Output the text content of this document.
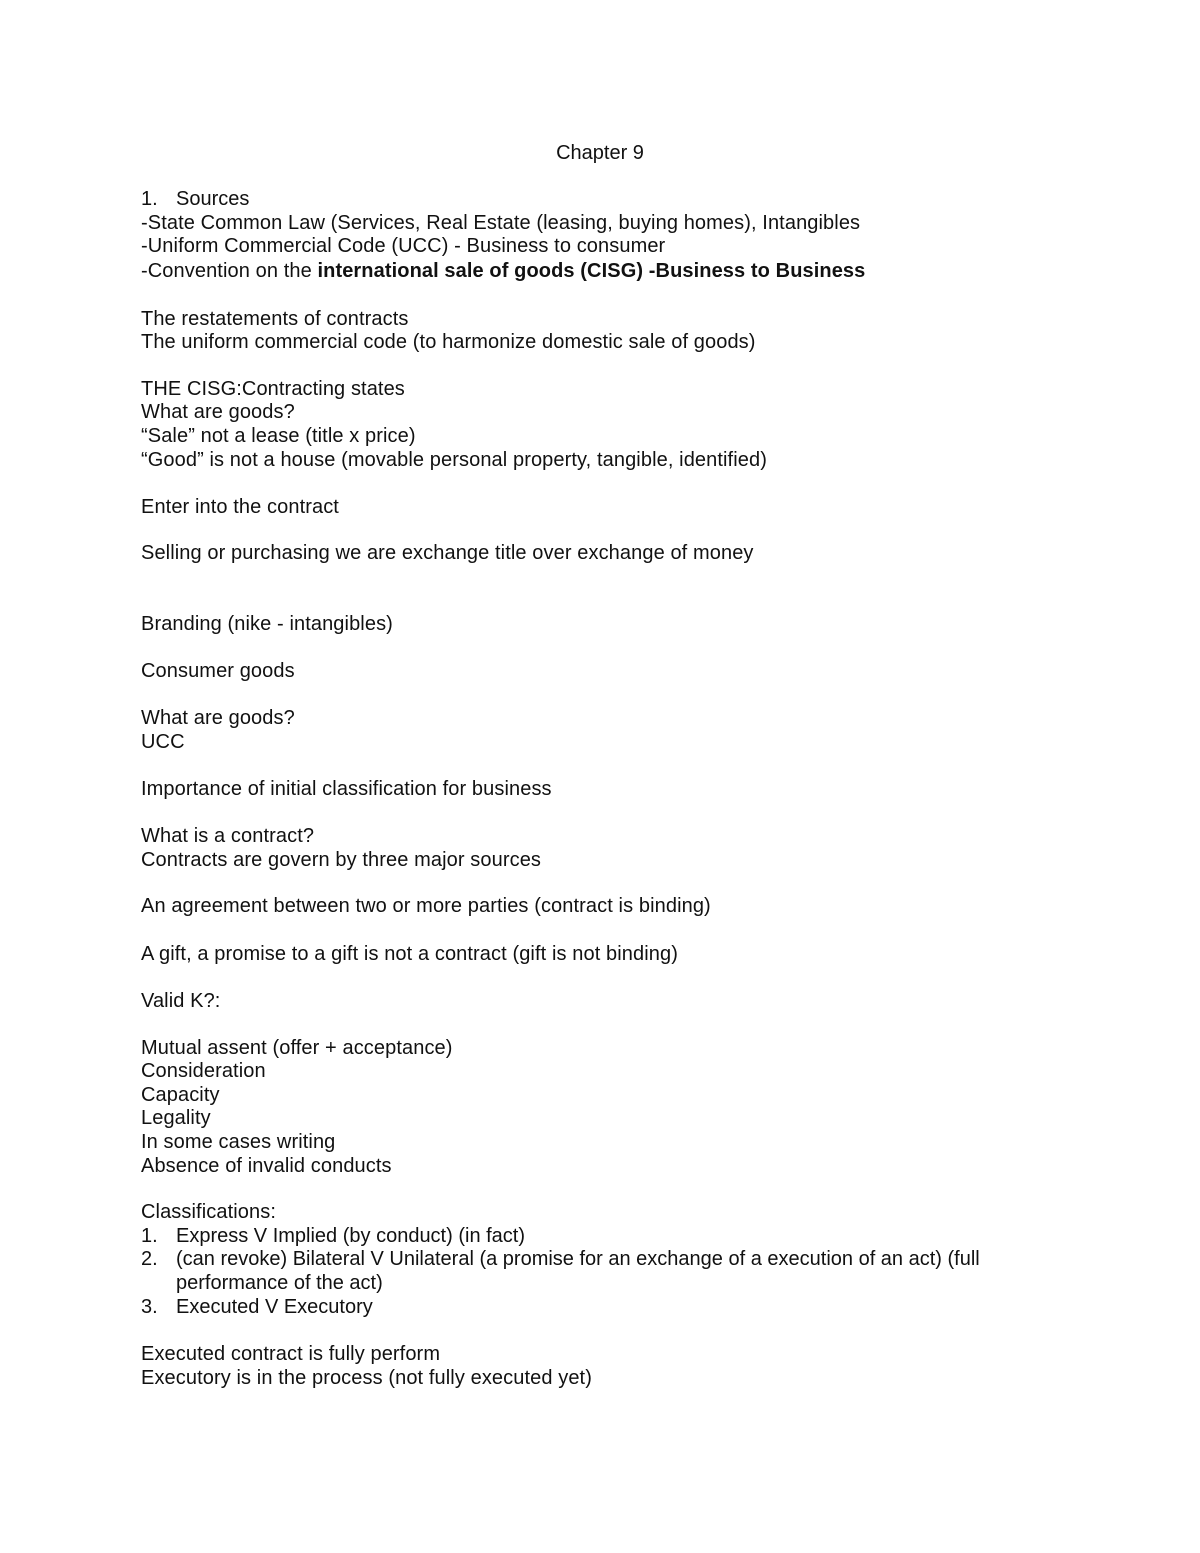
Chapter 9
1. Sources
-State Common Law (Services, Real Estate (leasing, buying homes), Intangibles
-Uniform Commercial Code (UCC) - Business to consumer
-Convention on the international sale of goods (CISG) -Business to Business
The restatements of contracts
The uniform commercial code (to harmonize domestic sale of goods)
THE CISG:Contracting states
What are goods?
“Sale” not a lease (title x price)
“Good” is not a house (movable personal property, tangible, identified)
Enter into the contract
Selling or purchasing we are exchange title over exchange of money
Branding (nike - intangibles)
Consumer goods
What are goods?
UCC
Importance of initial classification for business
What is a contract?
Contracts are govern by three major sources
An agreement between two or more parties (contract is binding)
A gift, a promise to a gift is not a contract (gift is not binding)
Valid K?:
Mutual assent (offer + acceptance)
Consideration
Capacity
Legality
In some cases writing
Absence of invalid conducts
Classifications:
1. Express V Implied (by conduct) (in fact)
2. (can revoke) Bilateral V Unilateral (a promise for an exchange of a execution of an act) (full
performance of the act)
3. Executed V Executory
Executed contract is fully perform
Executory is in the process (not fully executed yet)
